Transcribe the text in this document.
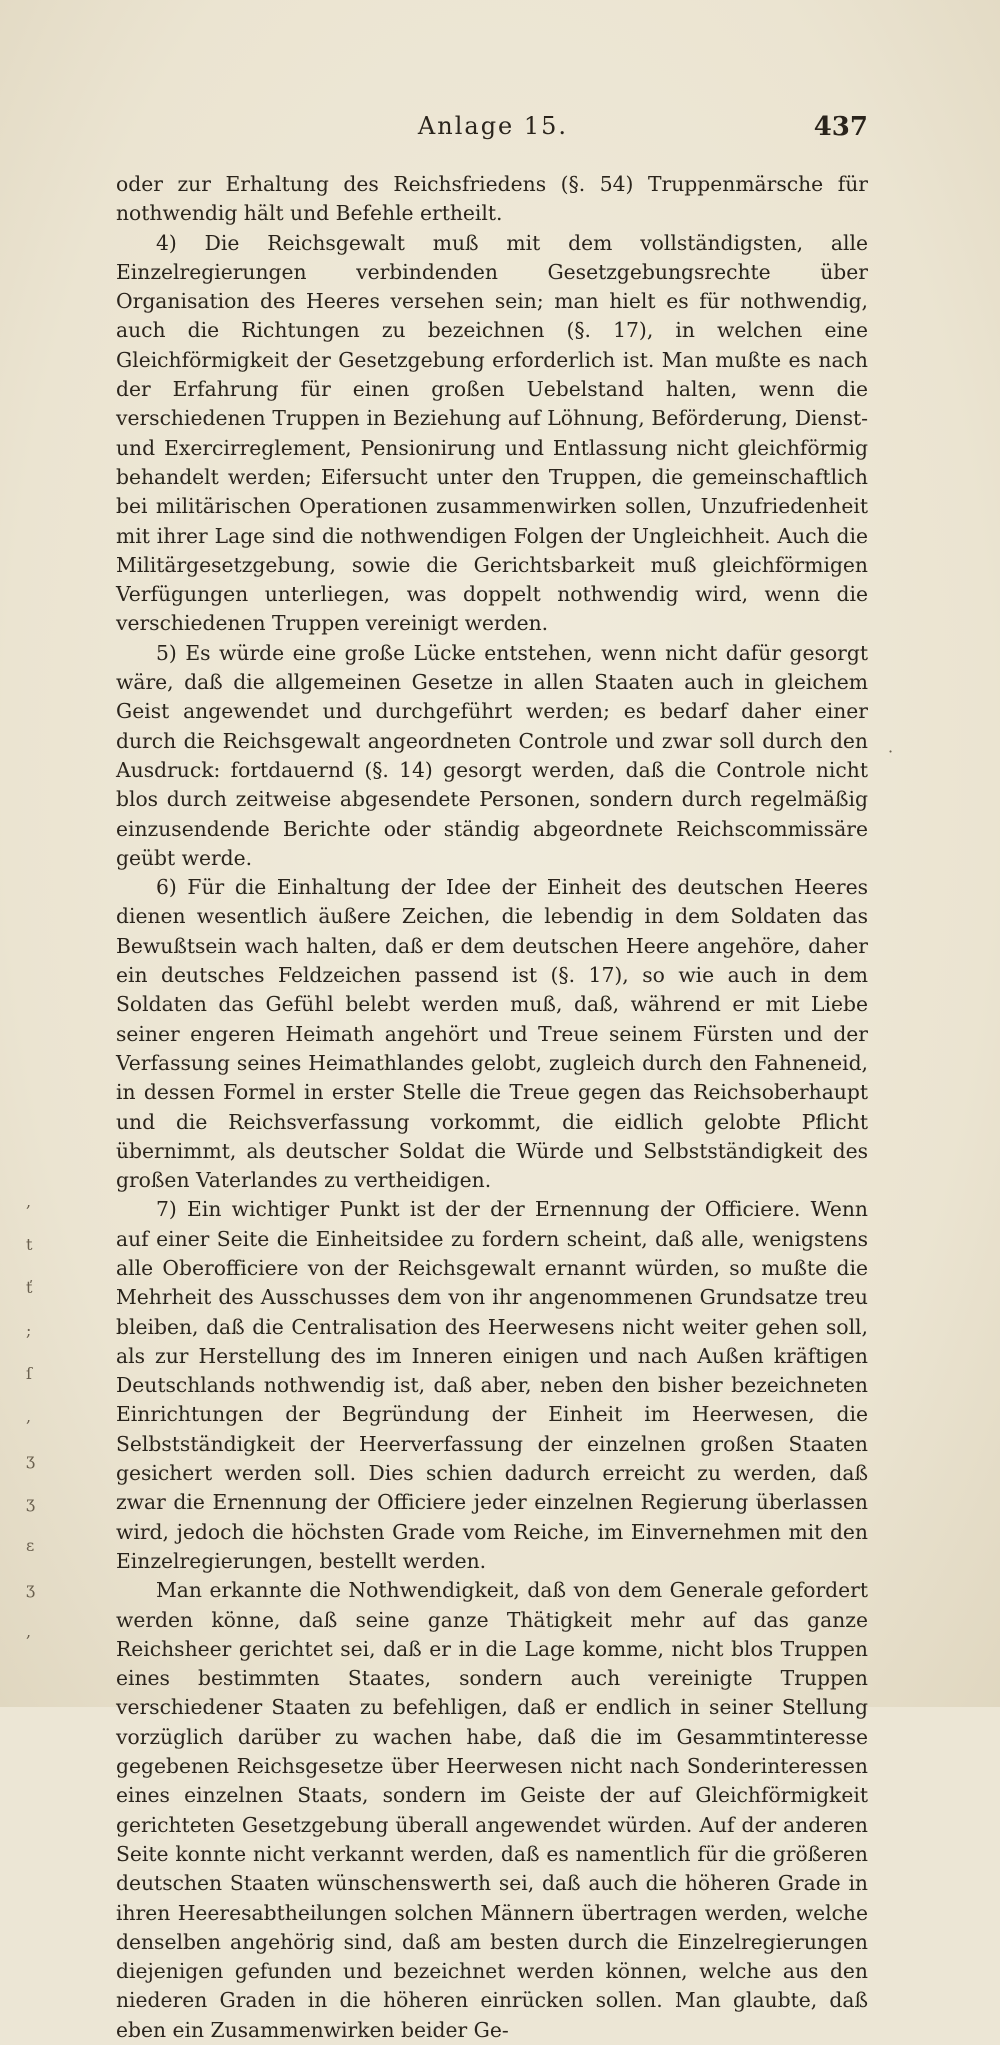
Anlage 15.	437

oder zur Erhaltung des Reichsfriedens (§. 54) Truppenmärsche für nothwendig hält und Befehle ertheilt.

4) Die Reichsgewalt muß mit dem vollständigsten, alle Einzelregierungen verbindenden Gesetzgebungsrechte über Organisation des Heeres versehen sein; man hielt es für nothwendig, auch die Richtungen zu bezeichnen (§. 17), in welchen eine Gleichförmigkeit der Gesetzgebung erforderlich ist. Man mußte es nach der Erfahrung für einen großen Uebelstand halten, wenn die verschiedenen Truppen in Beziehung auf Löhnung, Beförderung, Dienst- und Exercirreglement, Pensionirung und Entlassung nicht gleichförmig behandelt werden; Eifersucht unter den Truppen, die gemeinschaftlich bei militärischen Operationen zusammenwirken sollen, Unzufriedenheit mit ihrer Lage sind die nothwendigen Folgen der Ungleichheit. Auch die Militärgesetzgebung, sowie die Gerichtsbarkeit muß gleichförmigen Verfügungen unterliegen, was doppelt nothwendig wird, wenn die verschiedenen Truppen vereinigt werden.

5) Es würde eine große Lücke entstehen, wenn nicht dafür gesorgt wäre, daß die allgemeinen Gesetze in allen Staaten auch in gleichem Geist angewendet und durchgeführt werden; es bedarf daher einer durch die Reichsgewalt angeordneten Controle und zwar soll durch den Ausdruck: fortdauernd (§. 14) gesorgt werden, daß die Controle nicht blos durch zeitweise abgesendete Personen, sondern durch regelmäßig einzusendende Berichte oder ständig abgeordnete Reichscommissäre geübt werde.

6) Für die Einhaltung der Idee der Einheit des deutschen Heeres dienen wesentlich äußere Zeichen, die lebendig in dem Soldaten das Bewußtsein wach halten, daß er dem deutschen Heere angehöre, daher ein deutsches Feldzeichen passend ist (§. 17), so wie auch in dem Soldaten das Gefühl belebt werden muß, daß, während er mit Liebe seiner engeren Heimath angehört und Treue seinem Fürsten und der Verfassung seines Heimathlandes gelobt, zugleich durch den Fahneneid, in dessen Formel in erster Stelle die Treue gegen das Reichsoberhaupt und die Reichsverfassung vorkommt, die eidlich gelobte Pflicht übernimmt, als deutscher Soldat die Würde und Selbstständigkeit des großen Vaterlandes zu vertheidigen.

7) Ein wichtiger Punkt ist der der Ernennung der Officiere. Wenn auf einer Seite die Einheitsidee zu fordern scheint, daß alle, wenigstens alle Oberofficiere von der Reichsgewalt ernannt würden, so mußte die Mehrheit des Ausschusses dem von ihr angenommenen Grundsatze treu bleiben, daß die Centralisation des Heerwesens nicht weiter gehen soll, als zur Herstellung des im Inneren einigen und nach Außen kräftigen Deutschlands nothwendig ist, daß aber, neben den bisher bezeichneten Einrichtungen der Begründung der Einheit im Heerwesen, die Selbstständigkeit der Heerverfassung der einzelnen großen Staaten gesichert werden soll. Dies schien dadurch erreicht zu werden, daß zwar die Ernennung der Officiere jeder einzelnen Regierung überlassen wird, jedoch die höchsten Grade vom Reiche, im Einvernehmen mit den Einzelregierungen, bestellt werden.

Man erkannte die Nothwendigkeit, daß von dem Generale gefordert werden könne, daß seine ganze Thätigkeit mehr auf das ganze Reichsheer gerichtet sei, daß er in die Lage komme, nicht blos Truppen eines bestimmten Staates, sondern auch vereinigte Truppen verschiedener Staaten zu befehligen, daß er endlich in seiner Stellung vorzüglich darüber zu wachen habe, daß die im Gesammtinteresse gegebenen Reichsgesetze über Heerwesen nicht nach Sonderinteressen eines einzelnen Staats, sondern im Geiste der auf Gleichförmigkeit gerichteten Gesetzgebung überall angewendet würden. Auf der anderen Seite konnte nicht verkannt werden, daß es namentlich für die größeren deutschen Staaten wünschenswerth sei, daß auch die höheren Grade in ihren Heeresabtheilungen solchen Männern übertragen werden, welche denselben angehörig sind, daß am besten durch die Einzelregierungen diejenigen gefunden und bezeichnet werden können, welche aus den niederen Graden in die höheren einrücken sollen. Man glaubte, daß eben ein Zusammenwirken beider Ge-

,
t
ť
;
ſ
,
ʒ
ʒ
ɛ
ʒ
,
·
